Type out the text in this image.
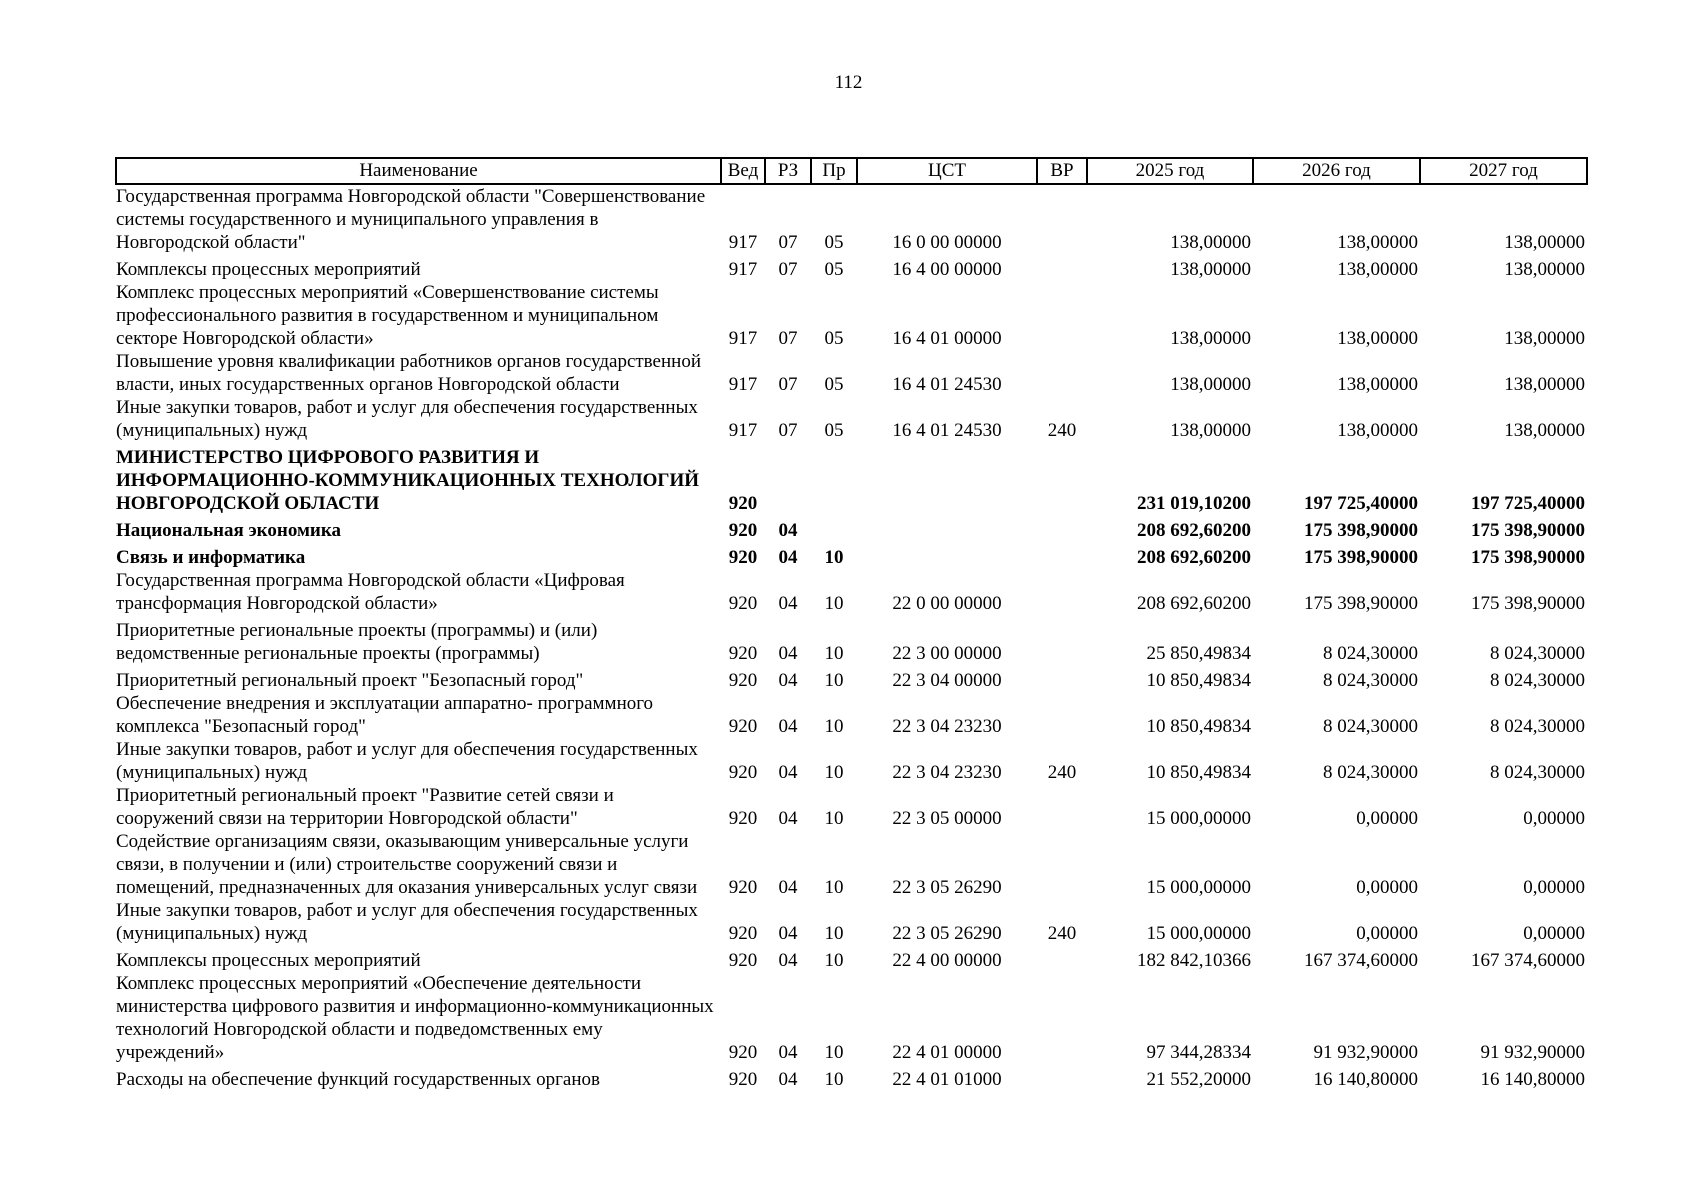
112
Наименование	Вед	РЗ	Пр	ЦСТ	ВР	2025 год	2026 год	2027 год
Государственная программа Новгородской области "Совершенствование системы государственного и муниципального управления в Новгородской области"	917	07	05	16 0 00 00000		138,00000	138,00000	138,00000
Комплексы процессных мероприятий	917	07	05	16 4 00 00000		138,00000	138,00000	138,00000
Комплекс процессных мероприятий «Совершенствование системы профессионального развития в государственном и муниципальном секторе Новгородской области»	917	07	05	16 4 01 00000		138,00000	138,00000	138,00000
Повышение уровня квалификации работников органов государственной власти, иных государственных органов Новгородской области	917	07	05	16 4 01 24530		138,00000	138,00000	138,00000
Иные закупки товаров, работ и услуг для обеспечения государственных (муниципальных) нужд	917	07	05	16 4 01 24530	240	138,00000	138,00000	138,00000
МИНИСТЕРСТВО ЦИФРОВОГО РАЗВИТИЯ И ИНФОРМАЦИОННО-КОММУНИКАЦИОННЫХ ТЕХНОЛОГИЙ НОВГОРОДСКОЙ ОБЛАСТИ	920					231 019,10200	197 725,40000	197 725,40000
Национальная экономика	920	04				208 692,60200	175 398,90000	175 398,90000
Связь и информатика	920	04	10			208 692,60200	175 398,90000	175 398,90000
Государственная программа Новгородской области «Цифровая трансформация Новгородской области»	920	04	10	22 0 00 00000		208 692,60200	175 398,90000	175 398,90000
Приоритетные региональные проекты (программы) и (или) ведомственные региональные проекты (программы)	920	04	10	22 3 00 00000		25 850,49834	8 024,30000	8 024,30000
Приоритетный региональный проект "Безопасный город"	920	04	10	22 3 04 00000		10 850,49834	8 024,30000	8 024,30000
Обеспечение внедрения и эксплуатации аппаратно- программного комплекса "Безопасный город"	920	04	10	22 3 04 23230		10 850,49834	8 024,30000	8 024,30000
Иные закупки товаров, работ и услуг для обеспечения государственных (муниципальных) нужд	920	04	10	22 3 04 23230	240	10 850,49834	8 024,30000	8 024,30000
Приоритетный региональный проект "Развитие сетей связи и сооружений связи на территории Новгородской области"	920	04	10	22 3 05 00000		15 000,00000	0,00000	0,00000
Содействие организациям связи, оказывающим универсальные услуги связи, в получении и (или) строительстве сооружений связи и помещений, предназначенных для оказания универсальных услуг связи	920	04	10	22 3 05 26290		15 000,00000	0,00000	0,00000
Иные закупки товаров, работ и услуг для обеспечения государственных (муниципальных) нужд	920	04	10	22 3 05 26290	240	15 000,00000	0,00000	0,00000
Комплексы процессных мероприятий	920	04	10	22 4 00 00000		182 842,10366	167 374,60000	167 374,60000
Комплекс процессных мероприятий «Обеспечение деятельности министерства цифрового развития и информационно-коммуникационных технологий Новгородской области и подведомственных ему учреждений»	920	04	10	22 4 01 00000		97 344,28334	91 932,90000	91 932,90000
Расходы на обеспечение функций государственных органов	920	04	10	22 4 01 01000		21 552,20000	16 140,80000	16 140,80000
